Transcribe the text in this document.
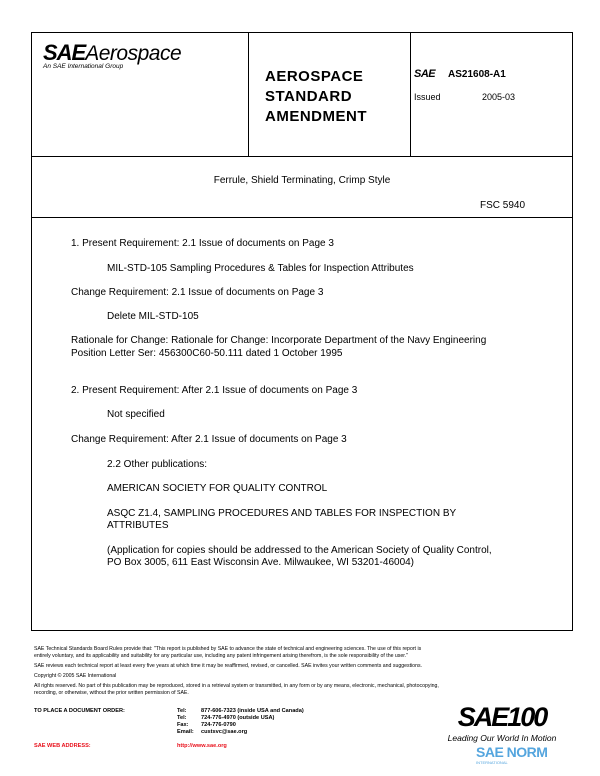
SAEAerospace
An SAE International Group
AEROSPACE
STANDARD
AMENDMENT
SAE AS21608-A1
Issued	2005-03
Ferrule, Shield Terminating, Crimp Style
FSC 5940
1. Present Requirement: 2.1 Issue of documents on Page 3
MIL-STD-105 Sampling Procedures & Tables for Inspection Attributes
Change Requirement: 2.1 Issue of documents on Page 3
Delete MIL-STD-105
Rationale for Change: Rationale for Change: Incorporate Department of the Navy Engineering
Position Letter Ser: 456300C60-50.111 dated 1 October 1995
2. Present Requirement: After 2.1 Issue of documents on Page 3
Not specified
Change Requirement: After 2.1 Issue of documents on Page 3
2.2 Other publications:
AMERICAN SOCIETY FOR QUALITY CONTROL
ASQC Z1.4, SAMPLING PROCEDURES AND TABLES FOR INSPECTION BY
ATTRIBUTES
(Application for copies should be addressed to the American Society of Quality Control,
PO Box 3005, 611 East Wisconsin Ave. Milwaukee, WI 53201-46004)
SAE Technical Standards Board Rules provide that: "This report is published by SAE to advance the state of technical and engineering sciences. The use of this report is
entirely voluntary, and its applicability and suitability for any particular use, including any patent infringement arising therefrom, is the sole responsibility of the user."
SAE reviews each technical report at least every five years at which time it may be reaffirmed, revised, or cancelled. SAE invites your written comments and suggestions.
Copyright © 2005 SAE International
All rights reserved. No part of this publication may be reproduced, stored in a retrieval system or transmitted, in any form or by any means, electronic, mechanical, photocopying,
recording, or otherwise, without the prior written permission of SAE.
TO PLACE A DOCUMENT ORDER:	Tel:	877-606-7323 (inside USA and Canada)
Tel:	724-776-4970 (outside USA)
Fax: 724-776-0790
Email: custsvc@sae.org
SAE WEB ADDRESS:	http://www.sae.org
SAE100
Leading Our World In Motion
SAE NORM
INTERNATIONAL
